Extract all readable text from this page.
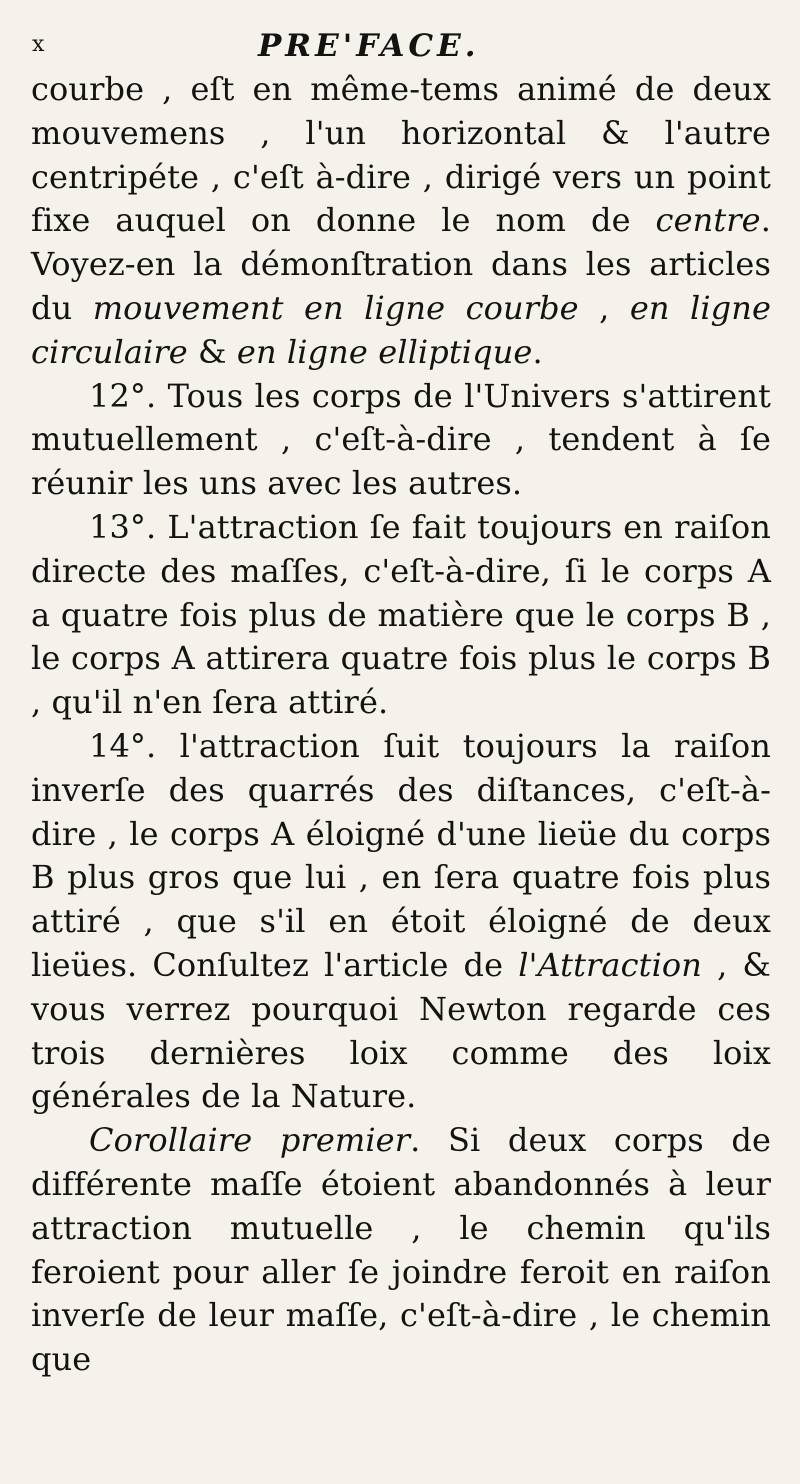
x	PRE'FACE.

courbe , eſt en même-tems animé de deux mouvemens , l'un horizontal & l'autre centripéte , c'eſt à-dire , dirigé vers un point fixe auquel on donne le nom de centre. Voyez-en la démonſtration dans les articles du mouvement en ligne courbe , en ligne circulaire & en ligne elliptique.

12°. Tous les corps de l'Univers s'attirent mutuellement , c'eſt-à-dire , tendent à ſe réunir les uns avec les autres.

13°. L'attraction ſe fait toujours en raiſon directe des maſſes, c'eſt-à-dire, ſi le corps A a quatre fois plus de matière que le corps B , le corps A attirera quatre fois plus le corps B , qu'il n'en ſera attiré.

14°. l'attraction ſuit toujours la raiſon inverſe des quarrés des diſtances, c'eſt-à-dire , le corps A éloigné d'une lieüe du corps B plus gros que lui , en ſera quatre fois plus attiré , que s'il en étoit éloigné de deux lieües. Conſultez l'article de l'Attraction , & vous verrez pourquoi Newton regarde ces trois dernières loix comme des loix générales de la Nature.

Corollaire premier. Si deux corps de différente maſſe étoient abandonnés à leur attraction mutuelle , le chemin qu'ils feroient pour aller ſe joindre feroit en raiſon inverſe de leur maſſe, c'eſt-à-dire , le chemin que
